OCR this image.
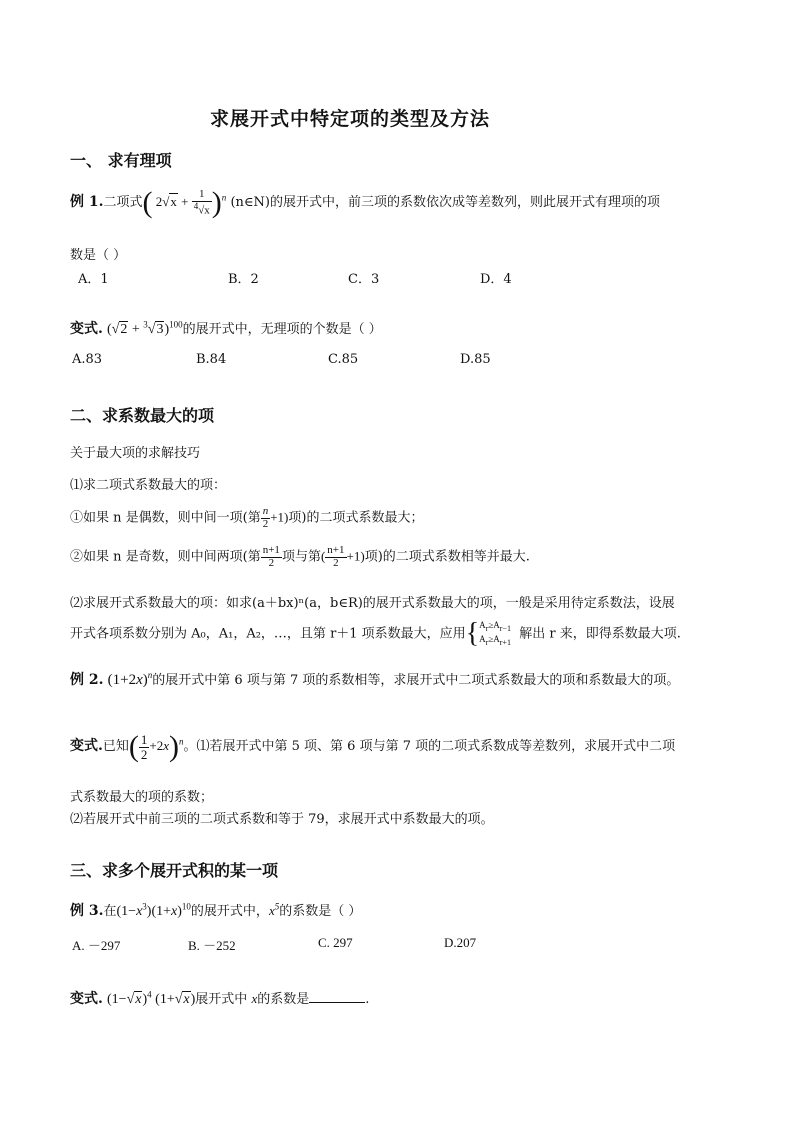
求展开式中特定项的类型及方法
一、 求有理项
例 1.二项式( $2√x + \frac{1}{^4√x} )^n$ (n∈N)的展开式中，前三项的系数依次成等差数列，则此展开式有理项的项
数是（ ）
A．1	B．2	C．3	D．4
变式. $(√2 + ^3√3)^{100}$的展开式中，无理项的个数是（ ）
A.83	B.84	C.85	D.85
二、求系数最大的项
关于最大项的求解技巧
⑴求二项式系数最大的项：
①如果 n 是偶数，则中间一项(第 $\frac{n}{2} +1$)项)的二项式系数最大；
②如果 n 是奇数，则中间两项(第 $\frac{n+1}{2}$ 项与第( $\frac{n+1}{2} +1$)项)的二项式系数相等并最大.
⑵求展开式系数最大的项：如求(a＋bx)ⁿ(a，b∈R)的展开式系数最大的项，一般是采用待定系数法，设展
开式各项系数分别为 A₀，A₁，A₂，…，且第 r＋1 项系数最大，应用{Ar≥Ar−1
Ar≥Ar+1  解出 r 来，即得系数最大项.
例 2. $(1+2x)^n$的展开式中第 6 项与第 7 项的系数相等，求展开式中二项式系数最大的项和系数最大的项。
变式.已知( $\frac{1}{2} +2x)^n$。⑴若展开式中第 5 项、第 6 项与第 7 项的二项式系数成等差数列，求展开式中二项
式系数最大的项的系数；
⑵若展开式中前三项的二项式系数和等于 79，求展开式中系数最大的项。
三、求多个展开式积的某一项
例 3.在$(1-x^3)(1+x)^{10}$的展开式中，$x^5$的系数是（ ）
A. －297	B. －252	C. 297	D.207
变式. $(1-√x)^4$ (1+√x)展开式中 x的系数是	.
